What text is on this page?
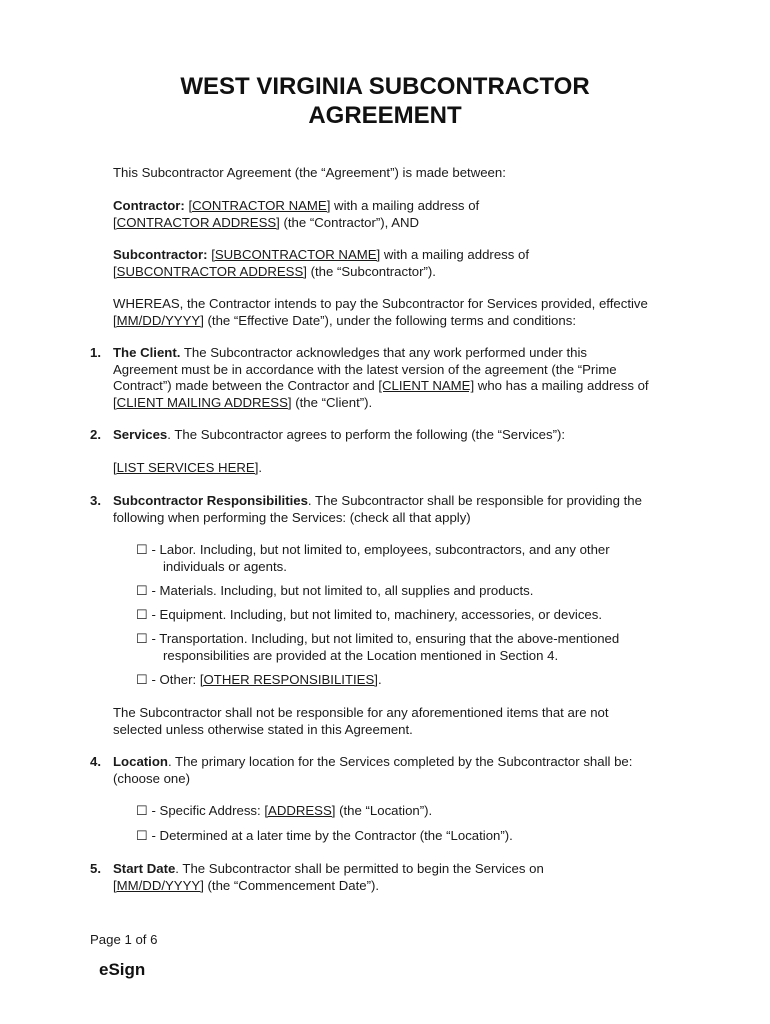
WEST VIRGINIA SUBCONTRACTOR
AGREEMENT
This Subcontractor Agreement (the “Agreement”) is made between:
Contractor: [CONTRACTOR NAME] with a mailing address of
[CONTRACTOR ADDRESS] (the “Contractor”), AND
Subcontractor: [SUBCONTRACTOR NAME] with a mailing address of
[SUBCONTRACTOR ADDRESS] (the “Subcontractor”).
WHEREAS, the Contractor intends to pay the Subcontractor for Services provided, effective
[MM/DD/YYYY] (the “Effective Date”), under the following terms and conditions:
1. The Client. The Subcontractor acknowledges that any work performed under this
Agreement must be in accordance with the latest version of the agreement (the “Prime
Contract”) made between the Contractor and [CLIENT NAME] who has a mailing address of
[CLIENT MAILING ADDRESS] (the “Client”).
2. Services. The Subcontractor agrees to perform the following (the “Services”):
[LIST SERVICES HERE].
3. Subcontractor Responsibilities. The Subcontractor shall be responsible for providing the
following when performing the Services: (check all that apply)
☐ - Labor. Including, but not limited to, employees, subcontractors, and any other
individuals or agents.
☐ - Materials. Including, but not limited to, all supplies and products.
☐ - Equipment. Including, but not limited to, machinery, accessories, or devices.
☐ - Transportation. Including, but not limited to, ensuring that the above-mentioned
responsibilities are provided at the Location mentioned in Section 4.
☐ - Other: [OTHER RESPONSIBILITIES].
The Subcontractor shall not be responsible for any aforementioned items that are not
selected unless otherwise stated in this Agreement.
4. Location. The primary location for the Services completed by the Subcontractor shall be:
(choose one)
☐ - Specific Address: [ADDRESS] (the “Location”).
☐ - Determined at a later time by the Contractor (the “Location”).
5. Start Date. The Subcontractor shall be permitted to begin the Services on
[MM/DD/YYYY] (the “Commencement Date”).
Page 1 of 6
eSign
